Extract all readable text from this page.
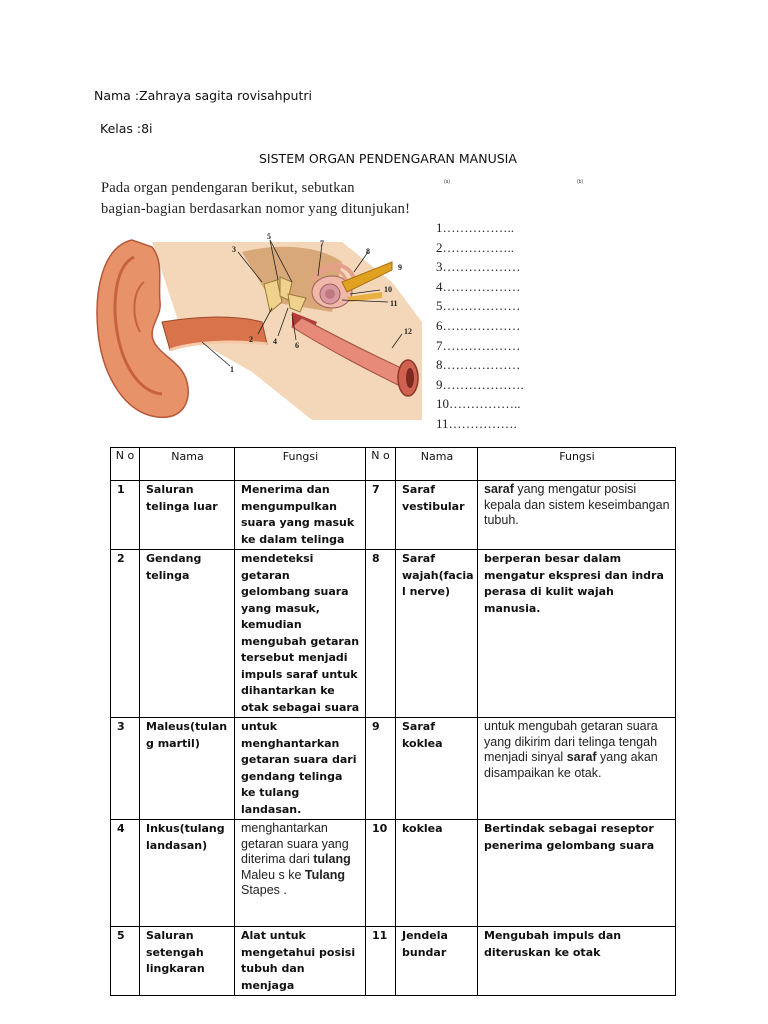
Nama :Zahraya sagita rovisahputri
Kelas :8i
SISTEM ORGAN PENDENGARAN MANUSIA
Pada organ pendengaran berikut, sebutkan
bagian-bagian berdasarkan nomor yang ditunjukan!
(a)	(b)
3
5
7
8
9
10
11
12
2	4 6
1
1……………..
2……………..
3………………
4………………
5………………
6………………
7………………
8………………
9……………….
10……………..
11…………….
N o	Nama	Fungsi	N o	Nama	Fungsi
1	Saluran telinga luar	Menerima dan mengumpulkan suara yang masuk ke dalam telinga	7	Saraf vestibular	saraf yang mengatur posisi kepala dan sistem keseimbangan tubuh.
2	Gendang telinga	mendeteksi getaran gelombang suara yang masuk, kemudian mengubah getaran tersebut menjadi impuls saraf untuk dihantarkan ke otak sebagai suara	8	Saraf wajah(facia l nerve)	berperan besar dalam mengatur ekspresi dan indra perasa di kulit wajah manusia.
3	Maleus(tulan g martil)	untuk menghantarkan getaran suara dari gendang telinga ke tulang landasan.	9	Saraf koklea	untuk mengubah getaran suara yang dikirim dari telinga tengah menjadi sinyal saraf yang akan disampaikan ke otak.
4	Inkus(tulang landasan)	menghantarkan getaran suara yang diterima dari tulang Maleu s ke Tulang Stapes .	10	koklea	Bertindak sebagai reseptor penerima gelombang suara
5	Saluran setengah lingkaran	Alat untuk mengetahui posisi tubuh dan menjaga	11	Jendela bundar	Mengubah impuls dan diteruskan ke otak
